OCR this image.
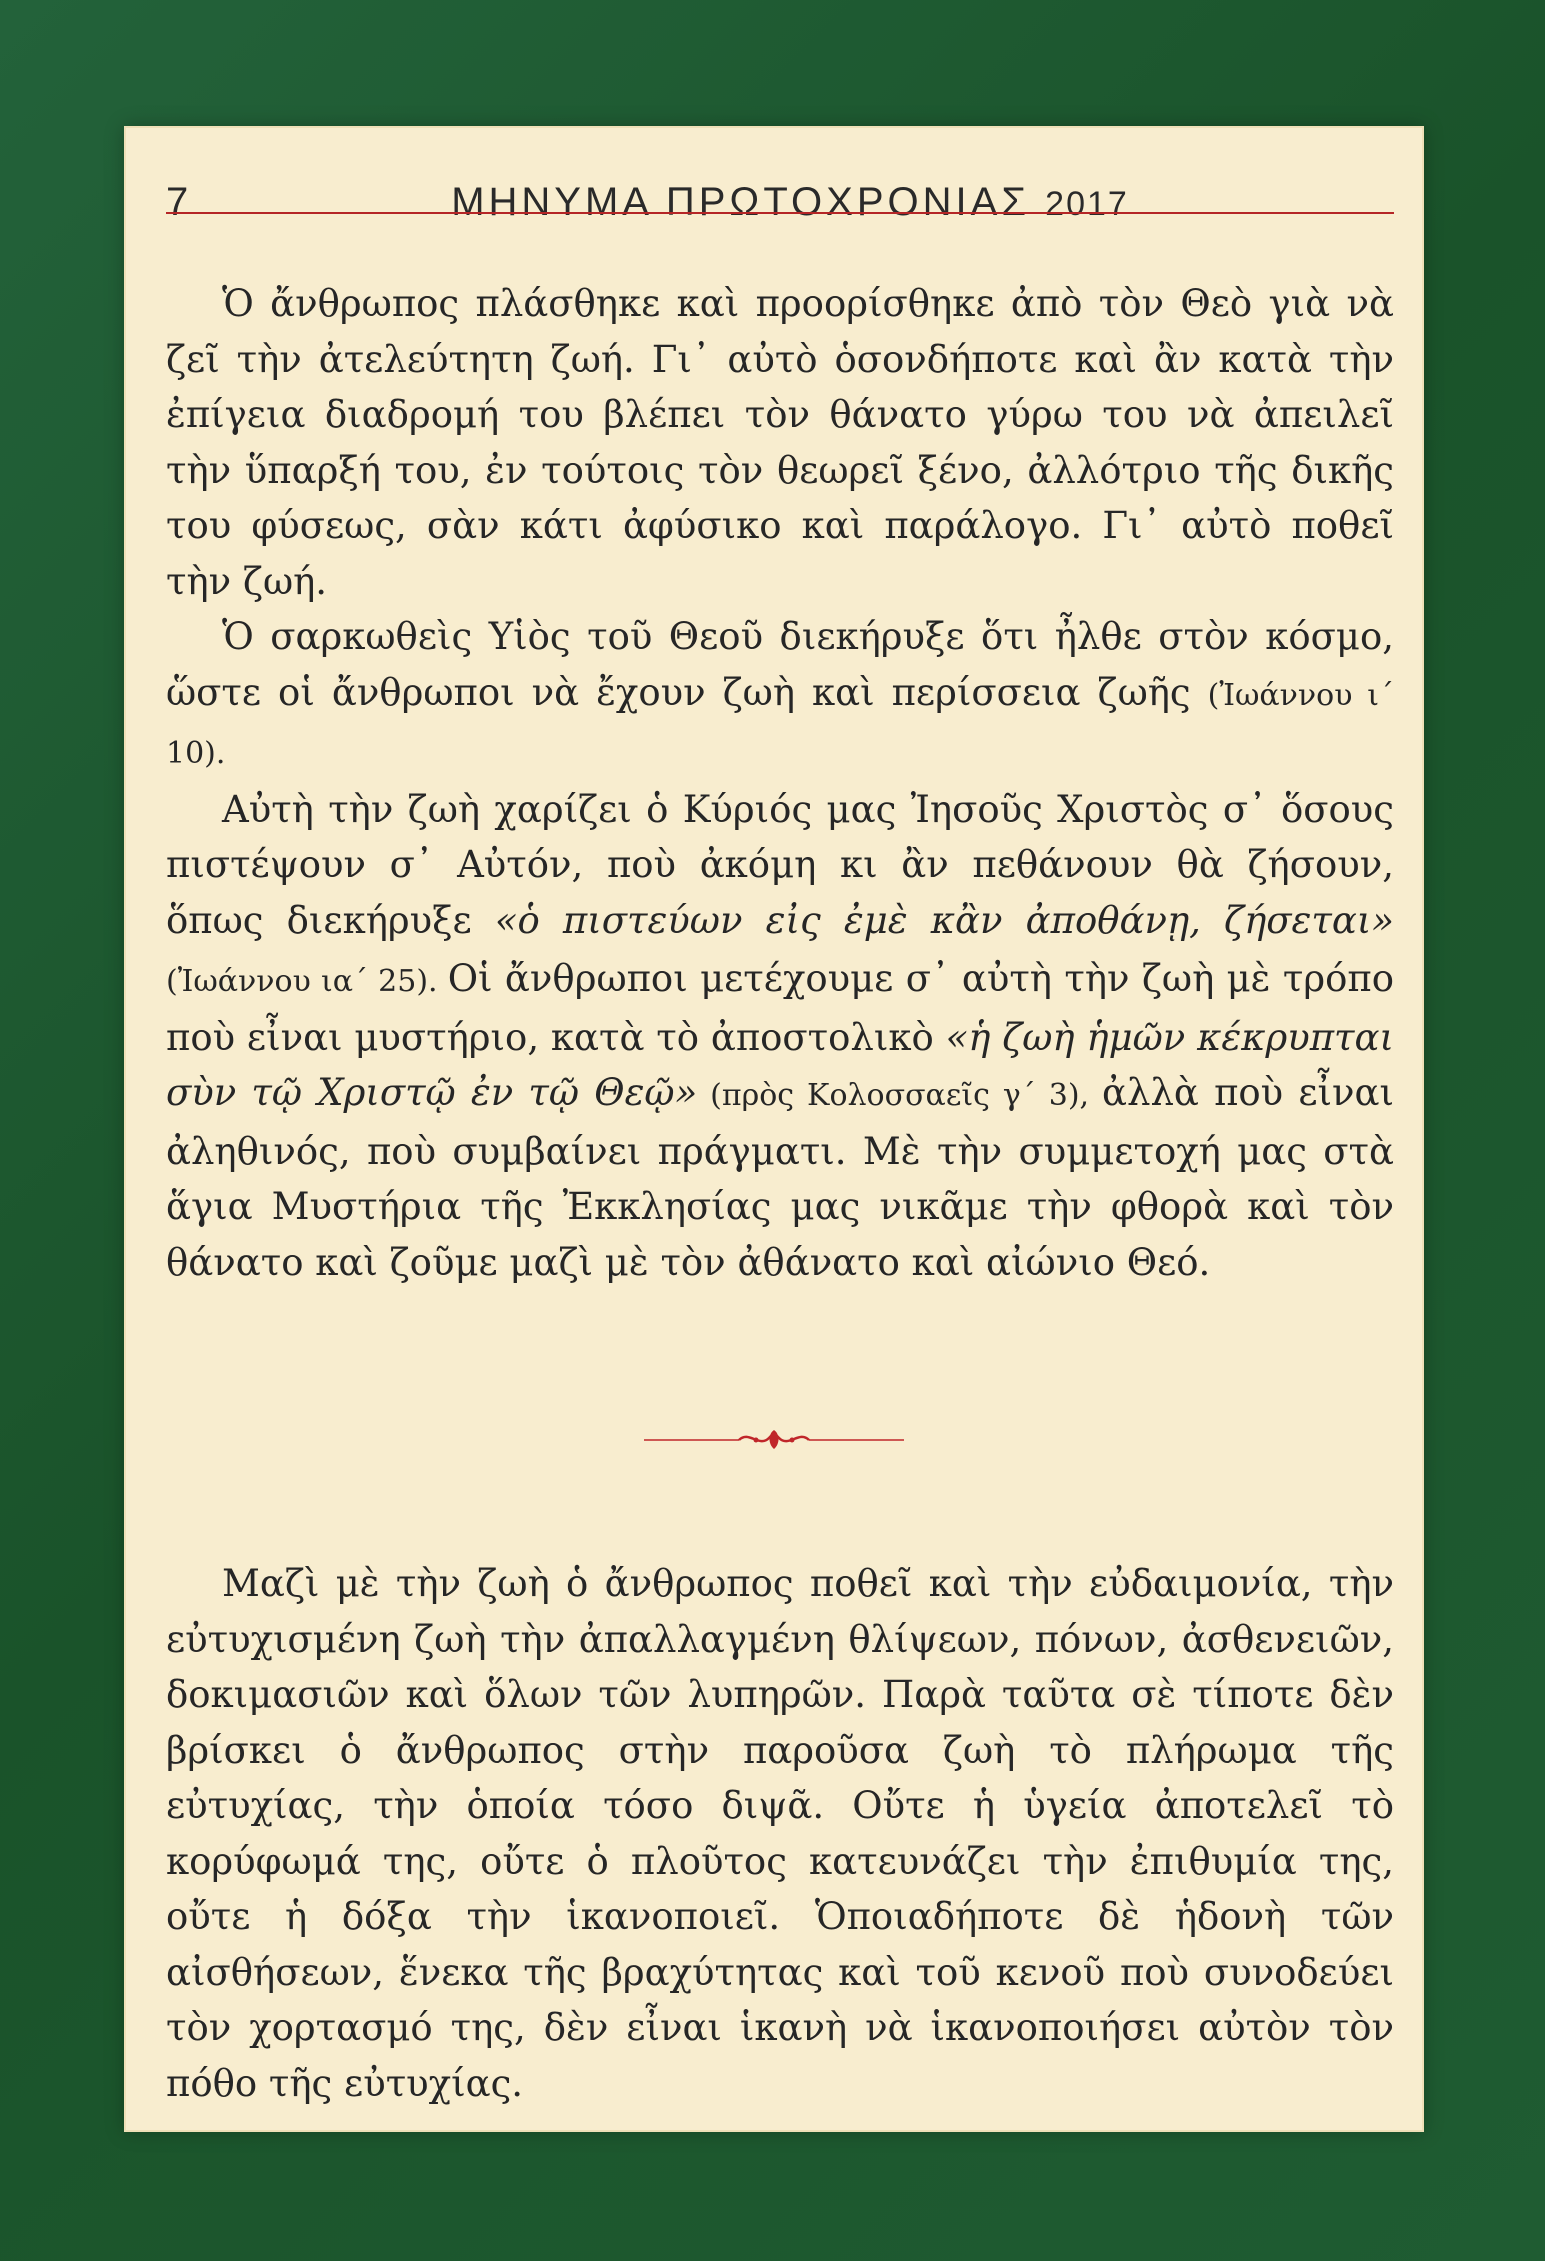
7	ΜΗΝΥΜΑ ΠΡΩΤΟΧΡΟΝΙΑΣ 2017

Ὁ ἄνθρωπος πλάσθηκε καὶ προορίσθηκε ἀπὸ τὸν Θεὸ γιὰ νὰ ζεῖ τὴν ἀτελεύτητη ζωή. Γι᾽ αὐτὸ ὁσονδήποτε καὶ ἂν κατὰ τὴν ἐπίγεια διαδρομή του βλέπει τὸν θάνατο γύρω του νὰ ἀπειλεῖ τὴν ὕπαρξή του, ἐν τούτοις τὸν θεωρεῖ ξένο, ἀλλότριο τῆς δικῆς του φύσεως, σὰν κάτι ἀφύσικο καὶ παράλογο. Γι᾽ αὐτὸ ποθεῖ τὴν ζωή.

Ὁ σαρκωθεὶς Υἱὸς τοῦ Θεοῦ διεκήρυξε ὅτι ἦλθε στὸν κόσμο, ὥστε οἱ ἄνθρωποι νὰ ἔχουν ζωὴ καὶ περίσσεια ζωῆς (Ἰωάννου ι΄ 10).

Αὐτὴ τὴν ζωὴ χαρίζει ὁ Κύριός μας Ἰησοῦς Χριστὸς σ᾽ ὅσους πιστέψουν σ᾽ Αὐτόν, ποὺ ἀκόμη κι ἂν πεθάνουν θὰ ζήσουν, ὅπως διεκήρυξε «ὁ πιστεύων εἰς ἐμὲ κἂν ἀποθάνῃ, ζήσεται» (Ἰωάννου ια΄ 25). Οἱ ἄνθρωποι μετέχουμε σ᾽ αὐτὴ τὴν ζωὴ μὲ τρόπο ποὺ εἶναι μυστήριο, κατὰ τὸ ἀποστολικὸ «ἡ ζωὴ ἡμῶν κέκρυπται σὺν τῷ Χριστῷ ἐν τῷ Θεῷ» (πρὸς Κολοσσαεῖς γ΄ 3), ἀλλὰ ποὺ εἶναι ἀληθινός, ποὺ συμβαίνει πράγματι. Μὲ τὴν συμμετοχή μας στὰ ἅγια Μυστήρια τῆς Ἐκκλησίας μας νικᾶμε τὴν φθορὰ καὶ τὸν θάνατο καὶ ζοῦμε μαζὶ μὲ τὸν ἀθάνατο καὶ αἰώνιο Θεό.

Μαζὶ μὲ τὴν ζωὴ ὁ ἄνθρωπος ποθεῖ καὶ τὴν εὐδαιμονία, τὴν εὐτυχισμένη ζωὴ τὴν ἀπαλλαγμένη θλίψεων, πόνων, ἀσθενειῶν, δοκιμασιῶν καὶ ὅλων τῶν λυπηρῶν. Παρὰ ταῦτα σὲ τίποτε δὲν βρίσκει ὁ ἄνθρωπος στὴν παροῦσα ζωὴ τὸ πλήρωμα τῆς εὐτυχίας, τὴν ὁποία τόσο διψᾶ. Οὔτε ἡ ὑγεία ἀποτελεῖ τὸ κορύφωμά της, οὔτε ὁ πλοῦτος κατευνάζει τὴν ἐπιθυμία της, οὔτε ἡ δόξα τὴν ἱκανοποιεῖ. Ὁποιαδήποτε δὲ ἡδονὴ τῶν αἰσθήσεων, ἕνεκα τῆς βραχύτητας καὶ τοῦ κενοῦ ποὺ συνοδεύει τὸν χορτασμό της, δὲν εἶναι ἱκανὴ νὰ ἱκανοποιήσει αὐτὸν τὸν πόθο τῆς εὐτυχίας.
